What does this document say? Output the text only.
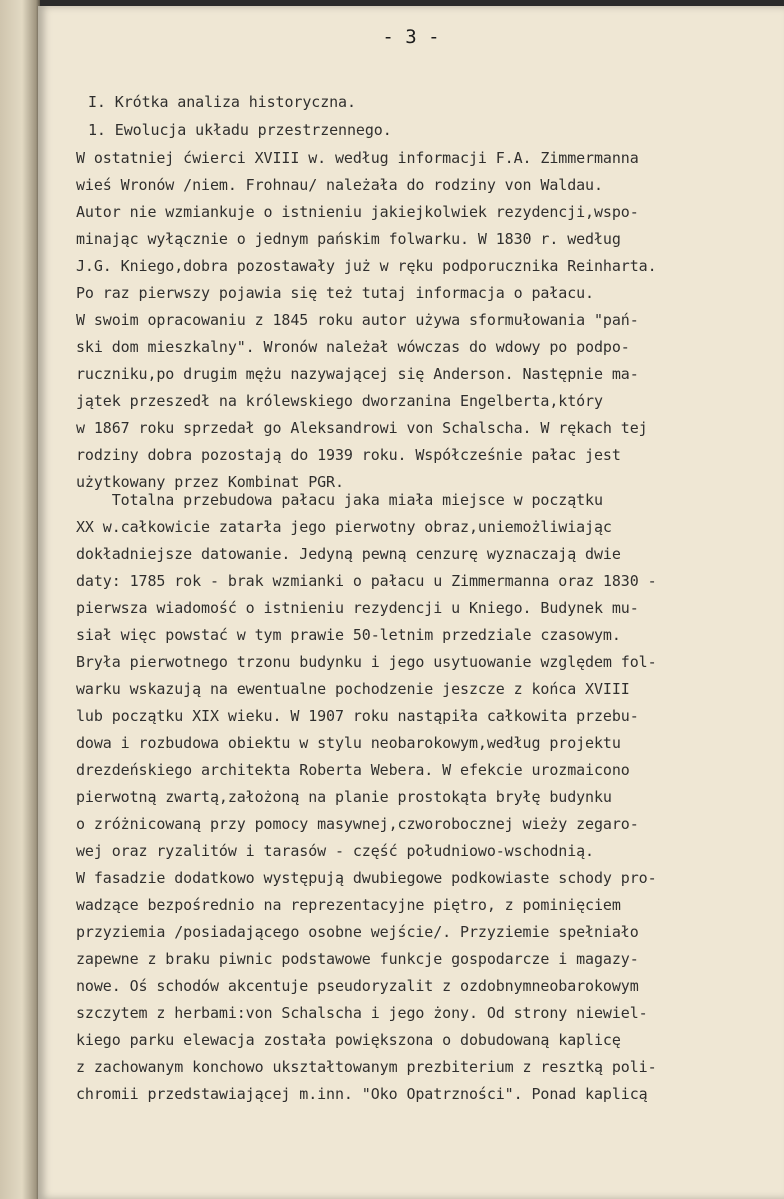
- 3 -
I. Krótka analiza historyczna.
1. Ewolucja układu przestrzennego.
W ostatniej ćwierci XVIII w. według informacji F.A. Zimmermanna
wieś Wronów /niem. Frohnau/ należała do rodziny von Waldau.
Autor nie wzmiankuje o istnieniu jakiejkolwiek rezydencji,wspo-
minając wyłącznie o jednym pańskim folwarku. W 1830 r. według
J.G. Kniego,dobra pozostawały już w ręku podporucznika Reinharta.
Po raz pierwszy pojawia się też tutaj informacja o pałacu.
W swoim opracowaniu z 1845 roku autor używa sformułowania "pań-
ski dom mieszkalny". Wronów należał wówczas do wdowy po podpo-
ruczniku,po drugim mężu nazywającej się Anderson. Następnie ma-
jątek przeszedł na królewskiego dworzanina Engelberta,który
w 1867 roku sprzedał go Aleksandrowi von Schalscha. W rękach tej
rodziny dobra pozostają do 1939 roku. Współcześnie pałac jest
użytkowany przez Kombinat PGR.
Totalna przebudowa pałacu jaka miała miejsce w początku
XX w.całkowicie zatarła jego pierwotny obraz,uniemożliwiając
dokładniejsze datowanie. Jedyną pewną cenzurę wyznaczają dwie
daty: 1785 rok - brak wzmianki o pałacu u Zimmermanna oraz 1830 -
pierwsza wiadomość o istnieniu rezydencji u Kniego. Budynek mu-
siał więc powstać w tym prawie 50-letnim przedziale czasowym.
Bryła pierwotnego trzonu budynku i jego usytuowanie względem fol-
warku wskazują na ewentualne pochodzenie jeszcze z końca XVIII
lub początku XIX wieku. W 1907 roku nastąpiła całkowita przebu-
dowa i rozbudowa obiektu w stylu neobarokowym,według projektu
drezdeńskiego architekta Roberta Webera. W efekcie urozmaicono
pierwotną zwartą,założoną na planie prostokąta bryłę budynku
o zróżnicowaną przy pomocy masywnej,czworobocznej wieży zegaro-
wej oraz ryzalitów i tarasów - część południowo-wschodnią.
W fasadzie dodatkowo występują dwubiegowe podkowiaste schody pro-
wadzące bezpośrednio na reprezentacyjne piętro, z pominięciem
przyziemia /posiadającego osobne wejście/. Przyziemie spełniało
zapewne z braku piwnic podstawowe funkcje gospodarcze i magazy-
nowe. Oś schodów akcentuje pseudoryzalit z ozdobnymneobarokowym
szczytem z herbami:von Schalscha i jego żony. Od strony niewiel-
kiego parku elewacja została powiększona o dobudowaną kaplicę
z zachowanym konchowo ukształtowanym prezbiterium z resztką poli-
chromii przedstawiającej m.inn. "Oko Opatrzności". Ponad kaplicą
